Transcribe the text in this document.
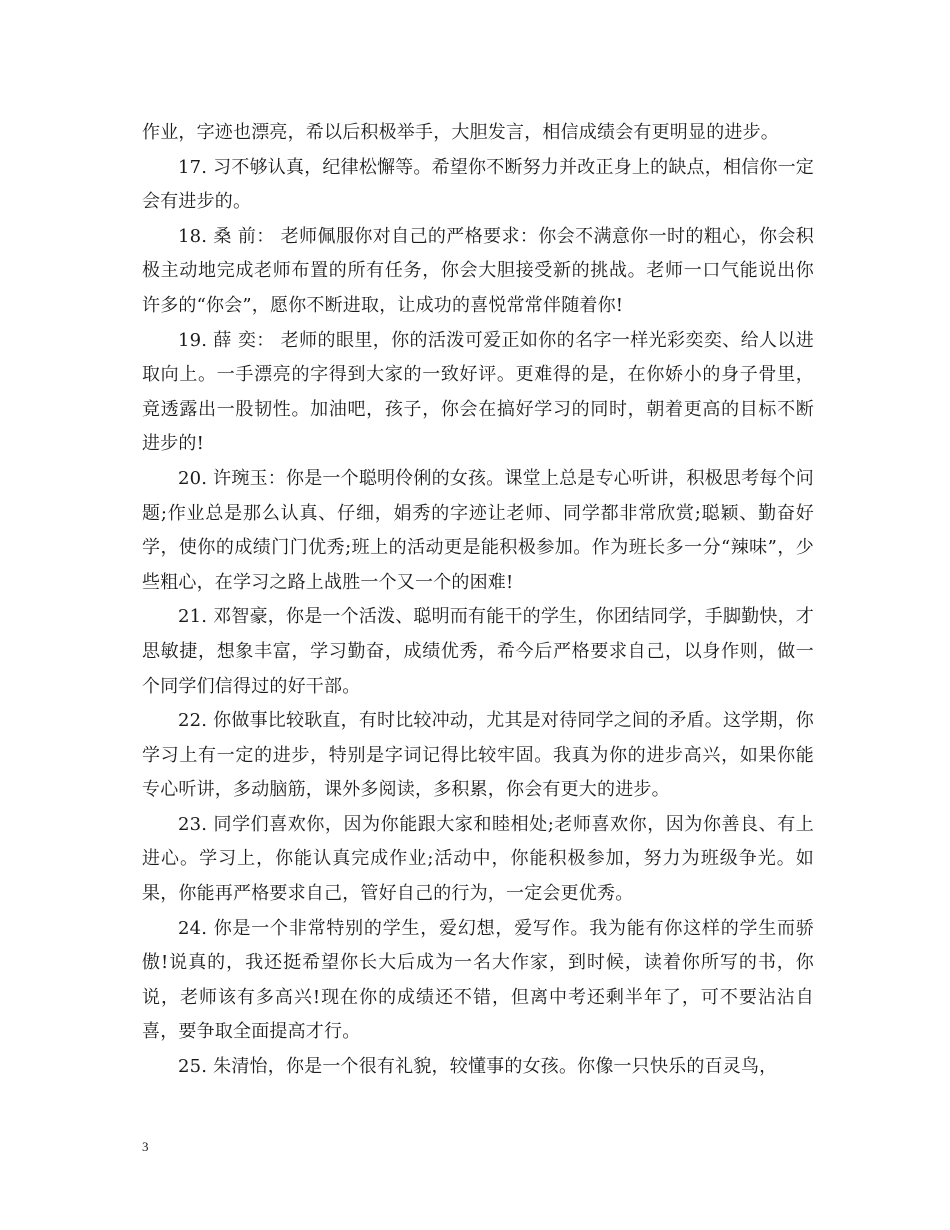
作业，字迹也漂亮，希以后积极举手，大胆发言，相信成绩会有更明显的进步。

17. 习不够认真，纪律松懈等。希望你不断努力并改正身上的缺点，相信你一定会有进步的。

18. 桑 前： 老师佩服你对自己的严格要求：你会不满意你一时的粗心，你会积极主动地完成老师布置的所有任务，你会大胆接受新的挑战。老师一口气能说出你许多的“你会”，愿你不断进取，让成功的喜悦常常伴随着你!

19. 薛 奕： 老师的眼里，你的活泼可爱正如你的名字一样光彩奕奕、给人以进取向上。一手漂亮的字得到大家的一致好评。更难得的是，在你娇小的身子骨里，竟透露出一股韧性。加油吧，孩子，你会在搞好学习的同时，朝着更高的目标不断进步的!

20. 许琬玉：你是一个聪明伶俐的女孩。课堂上总是专心听讲，积极思考每个问题;作业总是那么认真、仔细，娟秀的字迹让老师、同学都非常欣赏;聪颖、勤奋好学，使你的成绩门门优秀;班上的活动更是能积极参加。作为班长多一分“辣味”，少些粗心，在学习之路上战胜一个又一个的困难!

21. 邓智豪，你是一个活泼、聪明而有能干的学生，你团结同学，手脚勤快，才思敏捷，想象丰富，学习勤奋，成绩优秀，希今后严格要求自己，以身作则，做一个同学们信得过的好干部。

22. 你做事比较耿直，有时比较冲动，尤其是对待同学之间的矛盾。这学期，你学习上有一定的进步，特别是字词记得比较牢固。我真为你的进步高兴，如果你能专心听讲，多动脑筋，课外多阅读，多积累，你会有更大的进步。

23. 同学们喜欢你，因为你能跟大家和睦相处;老师喜欢你，因为你善良、有上进心。学习上，你能认真完成作业;活动中，你能积极参加，努力为班级争光。如果，你能再严格要求自己，管好自己的行为，一定会更优秀。

24. 你是一个非常特别的学生，爱幻想，爱写作。我为能有你这样的学生而骄傲!说真的，我还挺希望你长大后成为一名大作家，到时候，读着你所写的书，你说，老师该有多高兴!现在你的成绩还不错，但离中考还剩半年了，可不要沾沾自喜，要争取全面提高才行。

25. 朱清怡，你是一个很有礼貌，较懂事的女孩。你像一只快乐的百灵鸟，

3
